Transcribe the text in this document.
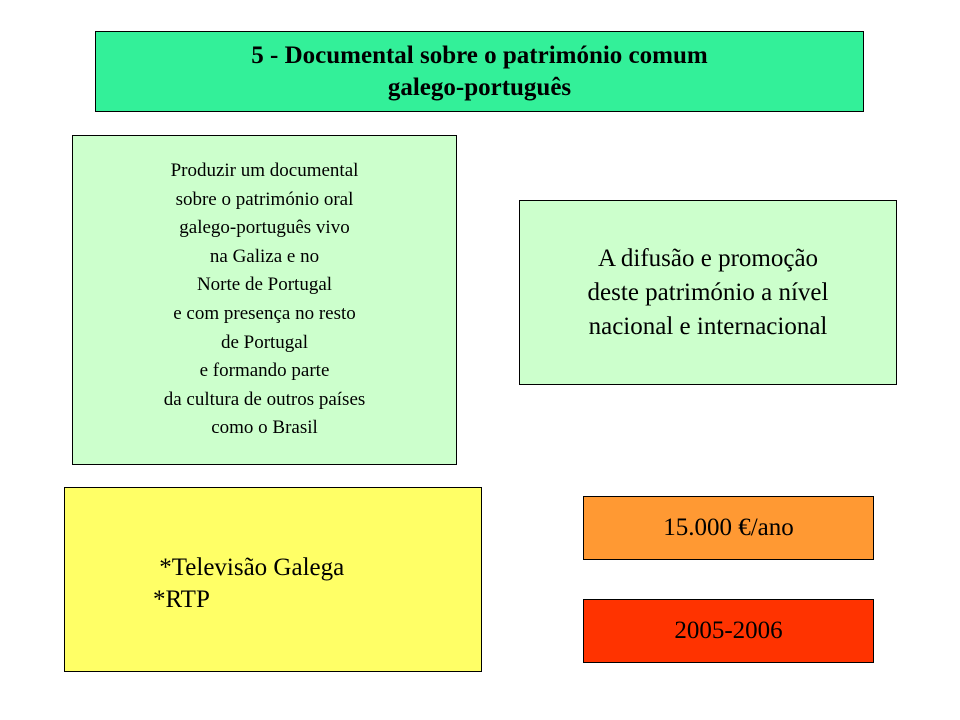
5 - Documental sobre o património comum
galego-português
Produzir um documental
sobre o património oral
galego-português vivo
na Galiza e no
Norte de Portugal
e com presença no resto
de Portugal
e formando parte
da cultura de outros países
como o Brasil
A difusão e promoção
deste património a nível
nacional e internacional
*Televisão Galega
*RTP
15.000 €/ano
2005-2006
